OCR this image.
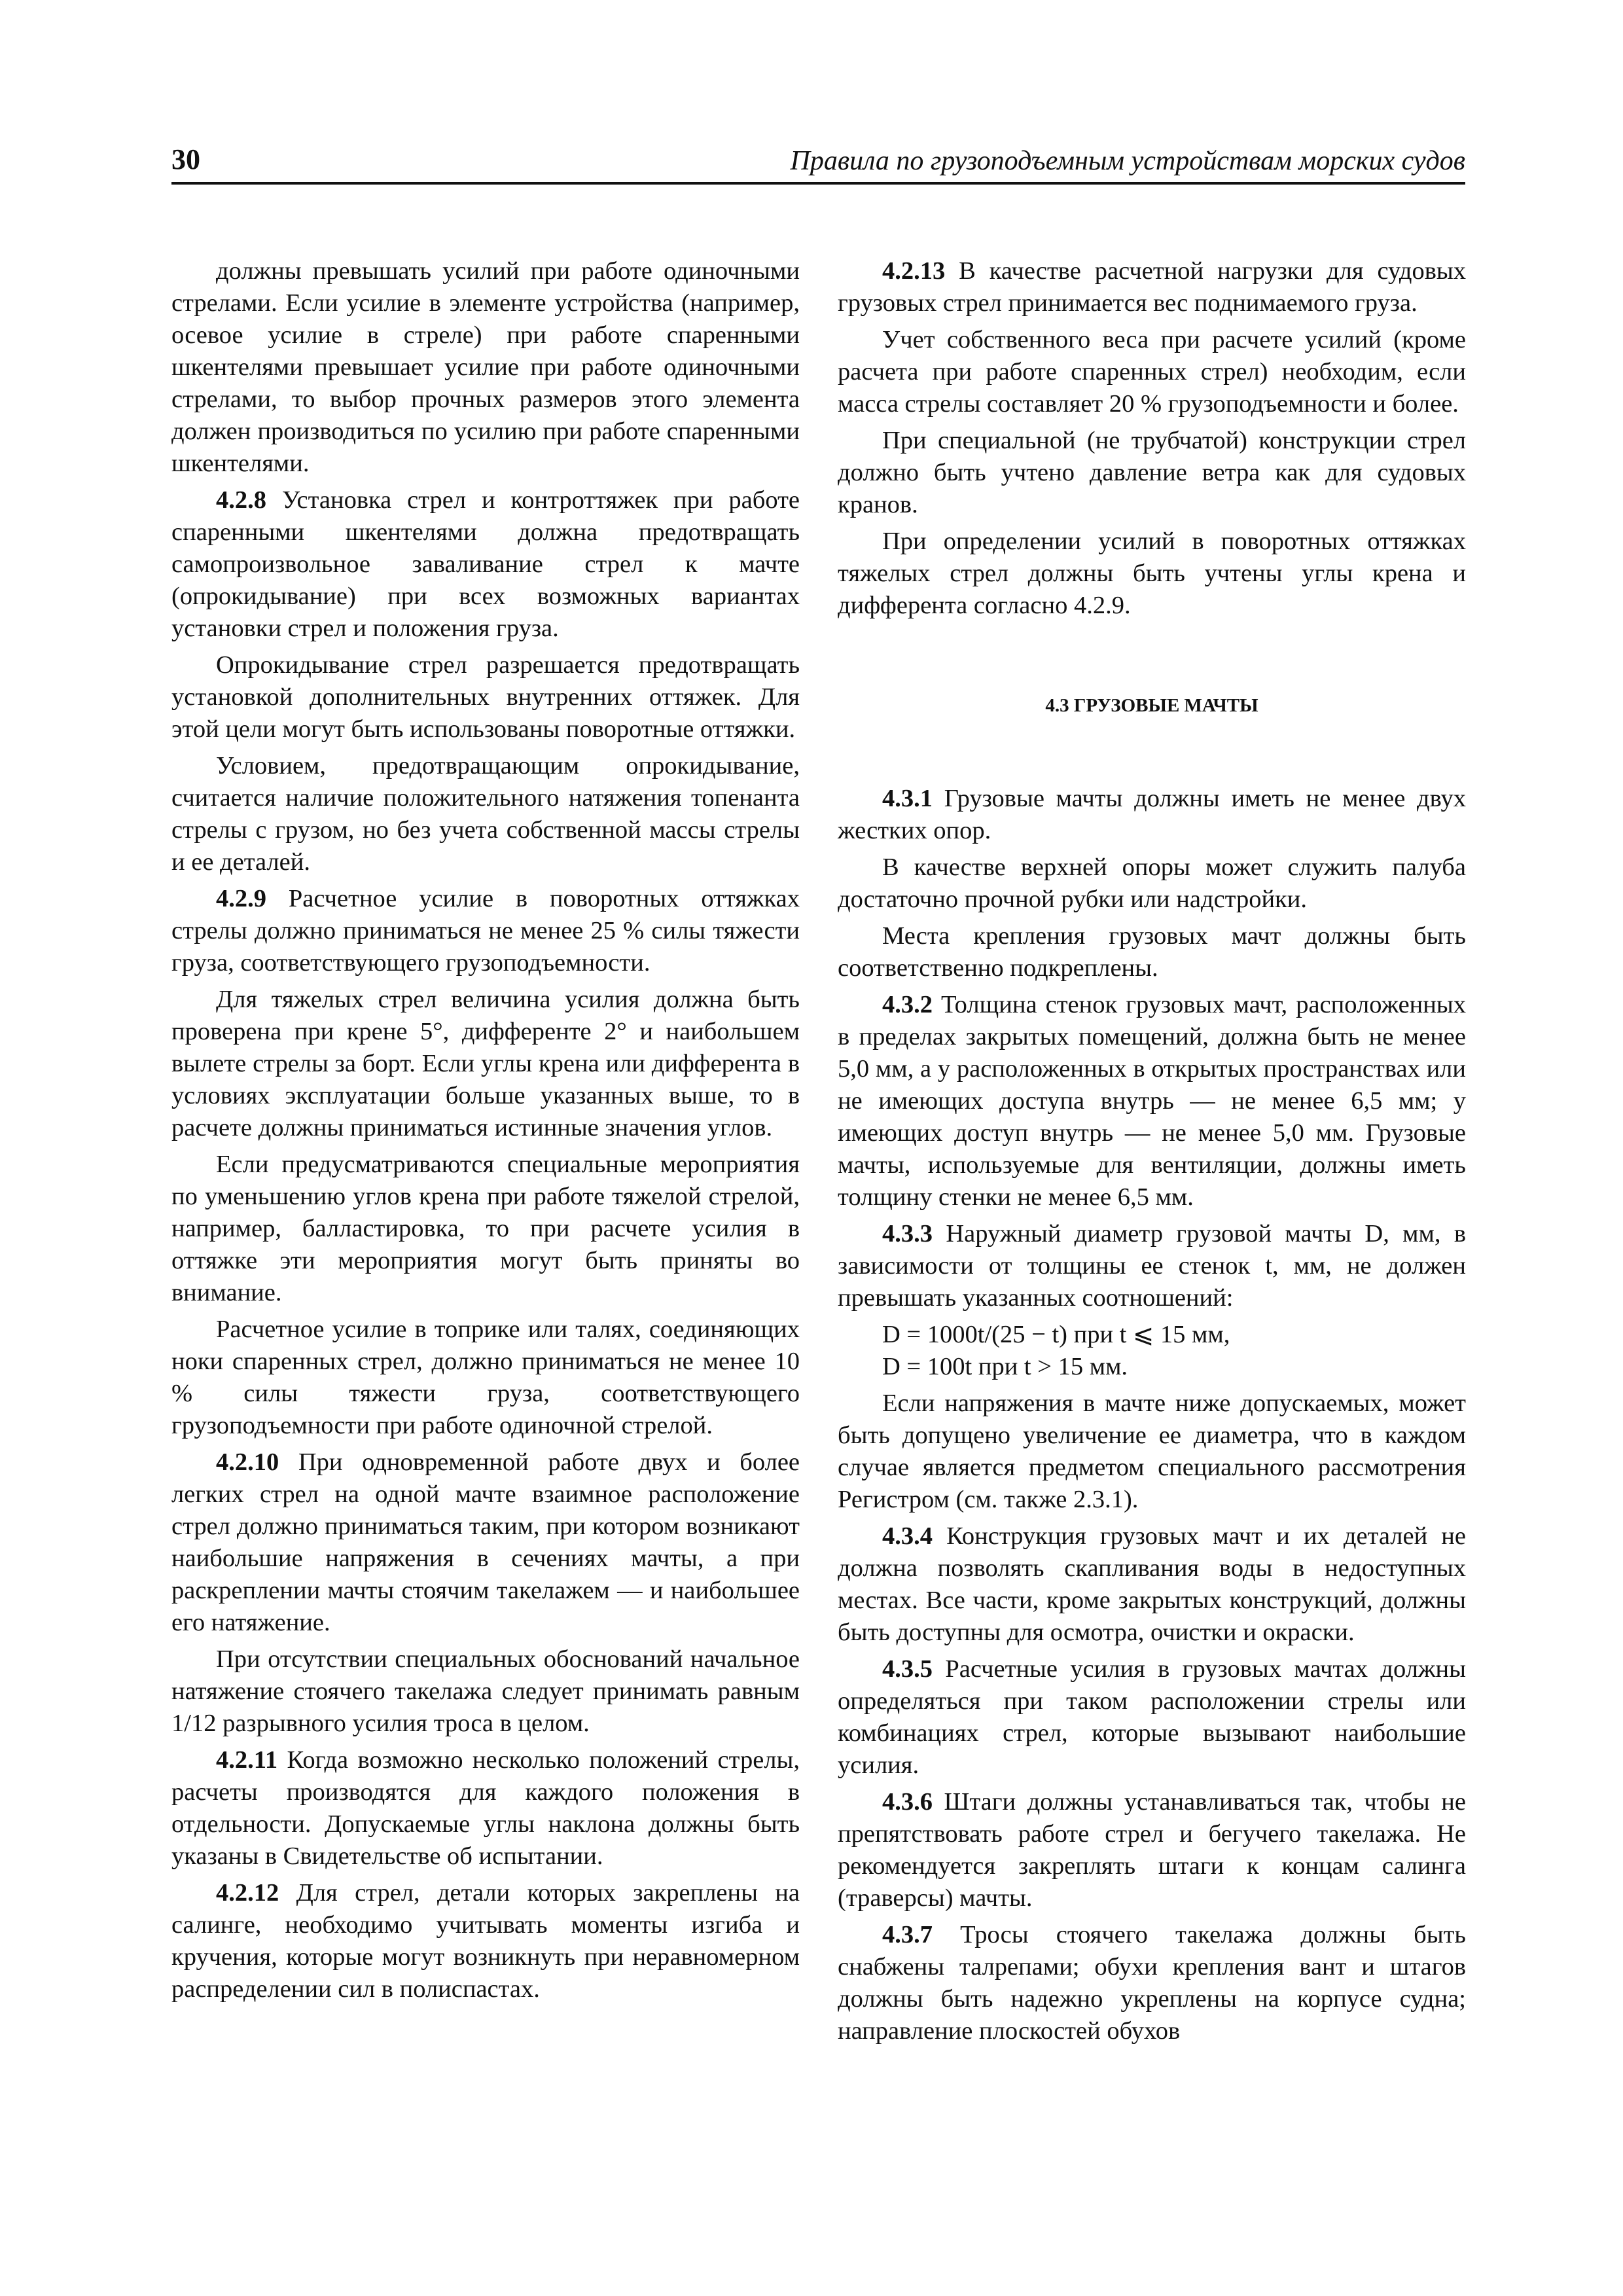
30	Правила по грузоподъемным устройствам морских судов

должны превышать усилий при работе одиночными стрелами. Если усилие в элементе устройства (например, осевое усилие в стреле) при работе спаренными шкентелями превышает усилие при работе одиночными стрелами, то выбор прочных размеров этого элемента должен производиться по усилию при работе спаренными шкентелями.

4.2.8 Установка стрел и контроттяжек при работе спаренными шкентелями должна предотвращать самопроизвольное заваливание стрел к мачте (опрокидывание) при всех возможных вариантах установки стрел и положения груза.

Опрокидывание стрел разрешается предотвращать установкой дополнительных внутренних оттяжек. Для этой цели могут быть использованы поворотные оттяжки.

Условием, предотвращающим опрокидывание, считается наличие положительного натяжения топенанта стрелы с грузом, но без учета собственной массы стрелы и ее деталей.

4.2.9 Расчетное усилие в поворотных оттяжках стрелы должно приниматься не менее 25 % силы тяжести груза, соответствующего грузоподъемности.

Для тяжелых стрел величина усилия должна быть проверена при крене 5°, дифференте 2° и наибольшем вылете стрелы за борт. Если углы крена или дифферента в условиях эксплуатации больше указанных выше, то в расчете должны приниматься истинные значения углов.

Если предусматриваются специальные мероприятия по уменьшению углов крена при работе тяжелой стрелой, например, балластировка, то при расчете усилия в оттяжке эти мероприятия могут быть приняты во внимание.

Расчетное усилие в топрике или талях, соединяющих ноки спаренных стрел, должно приниматься не менее 10 % силы тяжести груза, соответствующего грузоподъемности при работе одиночной стрелой.

4.2.10 При одновременной работе двух и более легких стрел на одной мачте взаимное расположение стрел должно приниматься таким, при котором возникают наибольшие напряжения в сечениях мачты, а при раскреплении мачты стоячим такелажем — и наибольшее его натяжение.

При отсутствии специальных обоснований начальное натяжение стоячего такелажа следует принимать равным 1/12 разрывного усилия троса в целом.

4.2.11 Когда возможно несколько положений стрелы, расчеты производятся для каждого положения в отдельности. Допускаемые углы наклона должны быть указаны в Свидетельстве об испытании.

4.2.12 Для стрел, детали которых закреплены на салинге, необходимо учитывать моменты изгиба и кручения, которые могут возникнуть при неравномерном распределении сил в полиспастах.

4.2.13 В качестве расчетной нагрузки для судовых грузовых стрел принимается вес поднимаемого груза.

Учет собственного веса при расчете усилий (кроме расчета при работе спаренных стрел) необходим, если масса стрелы составляет 20 % грузоподъемности и более.

При специальной (не трубчатой) конструкции стрел должно быть учтено давление ветра как для судовых кранов.

При определении усилий в поворотных оттяжках тяжелых стрел должны быть учтены углы крена и дифферента согласно 4.2.9.

4.3 ГРУЗОВЫЕ МАЧТЫ

4.3.1 Грузовые мачты должны иметь не менее двух жестких опор.

В качестве верхней опоры может служить палуба достаточно прочной рубки или надстройки.

Места крепления грузовых мачт должны быть соответственно подкреплены.

4.3.2 Толщина стенок грузовых мачт, расположенных в пределах закрытых помещений, должна быть не менее 5,0 мм, а у расположенных в открытых пространствах или не имеющих доступа внутрь — не менее 6,5 мм; у имеющих доступ внутрь — не менее 5,0 мм. Грузовые мачты, используемые для вентиляции, должны иметь толщину стенки не менее 6,5 мм.

4.3.3 Наружный диаметр грузовой мачты D, мм, в зависимости от толщины ее стенок t, мм, не должен превышать указанных соотношений:

D = 1000t/(25 − t) при t ⩽ 15 мм,

D = 100t при t > 15 мм.

Если напряжения в мачте ниже допускаемых, может быть допущено увеличение ее диаметра, что в каждом случае является предметом специального рассмотрения Регистром (см. также 2.3.1).

4.3.4 Конструкция грузовых мачт и их деталей не должна позволять скапливания воды в недоступных местах. Все части, кроме закрытых конструкций, должны быть доступны для осмотра, очистки и окраски.

4.3.5 Расчетные усилия в грузовых мачтах должны определяться при таком расположении стрелы или комбинациях стрел, которые вызывают наибольшие усилия.

4.3.6 Штаги должны устанавливаться так, чтобы не препятствовать работе стрел и бегучего такелажа. Не рекомендуется закреплять штаги к концам салинга (траверсы) мачты.

4.3.7 Тросы стоячего такелажа должны быть снабжены талрепами; обухи крепления вант и штагов должны быть надежно укреплены на корпусе судна; направление плоскостей обухов
